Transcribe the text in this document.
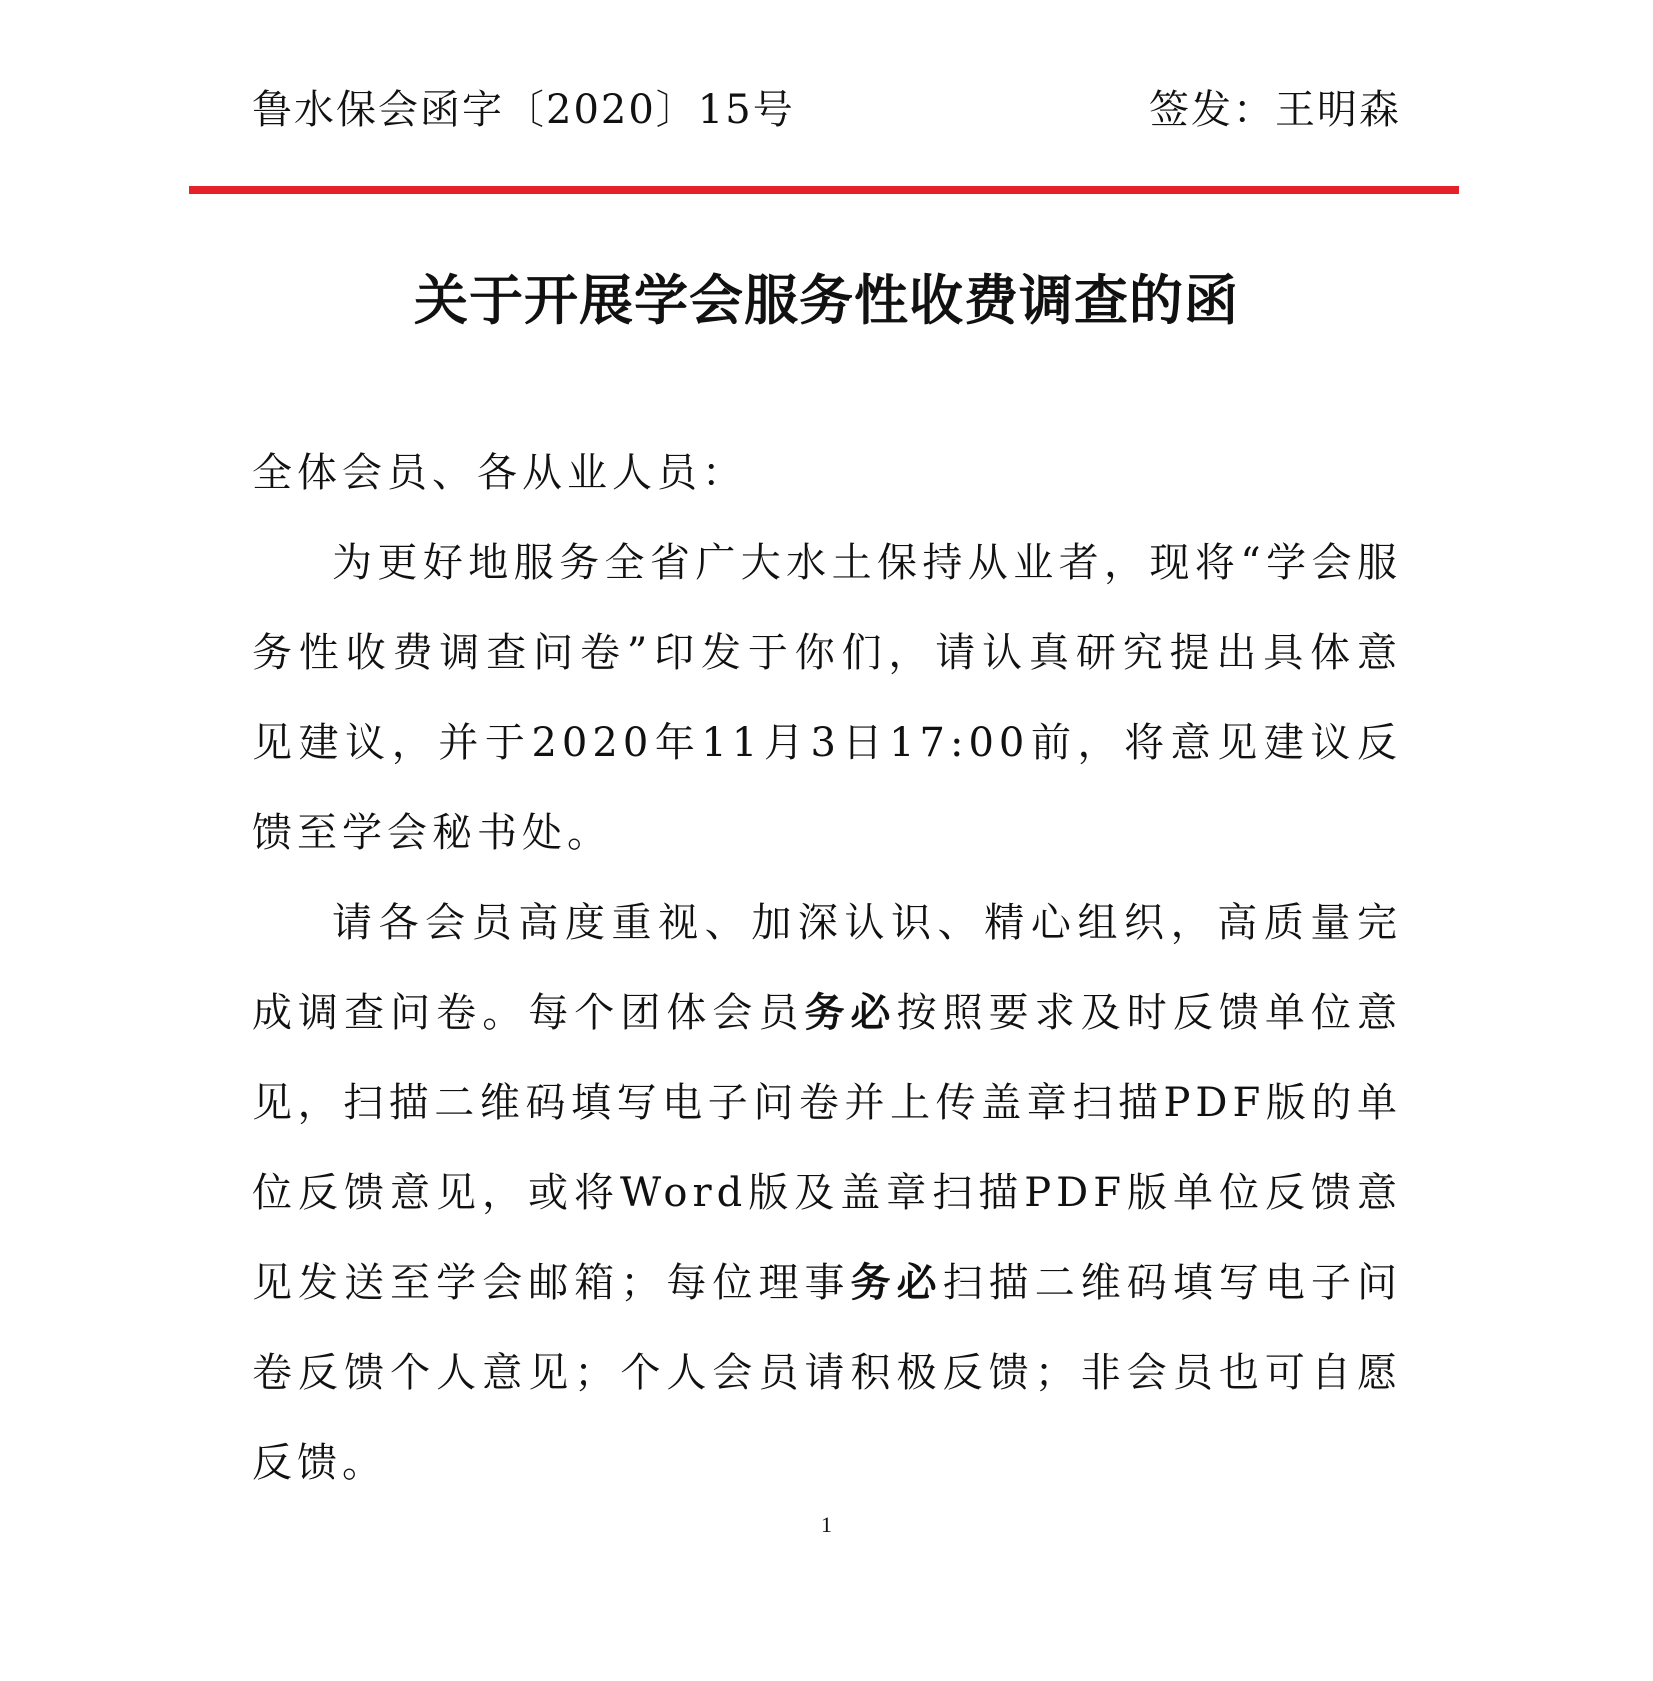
鲁水保会函字〔2020〕15号	签发：王明森
关于开展学会服务性收费调查的函

全体会员、各从业人员：

为更好地服务全省广大水土保持从业者，现将“学会服务性收费调查问卷”印发于你们，请认真研究提出具体意见建议，并于2020年11月3日17:00前，将意见建议反馈至学会秘书处。

请各会员高度重视、加深认识、精心组织，高质量完成调查问卷。每个团体会员务必按照要求及时反馈单位意见，扫描二维码填写电子问卷并上传盖章扫描PDF版的单位反馈意见，或将Word版及盖章扫描PDF版单位反馈意见发送至学会邮箱；每位理事务必扫描二维码填写电子问卷反馈个人意见；个人会员请积极反馈；非会员也可自愿反馈。

1
